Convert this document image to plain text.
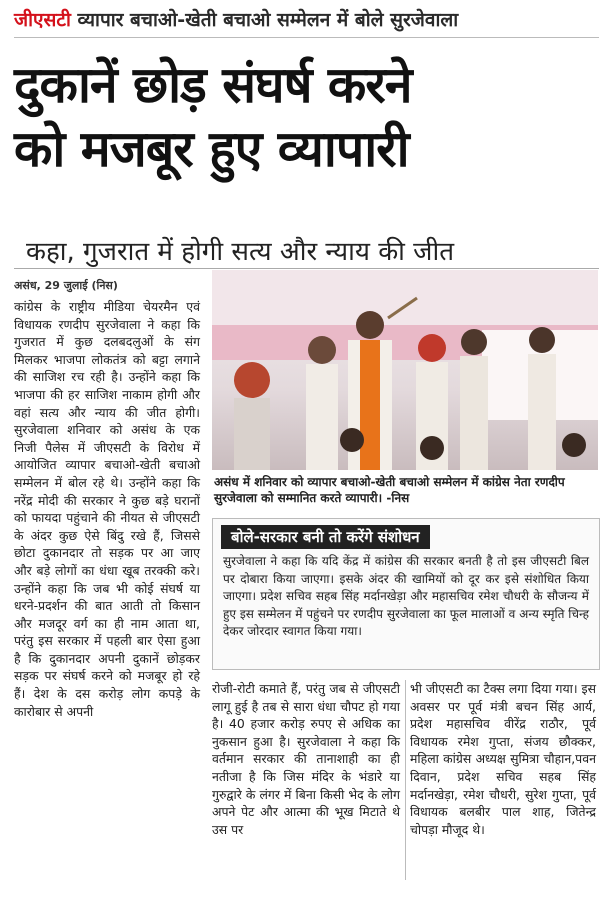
जीएसटी व्यापार बचाओ-खेती बचाओ सम्मेलन में बोले सुरजेवाला
दुकानें छोड़ संघर्ष करने
को मजबूर हुए व्यापारी
कहा, गुजरात में होगी सत्य और न्याय की जीत
असंध, 29 जुलाई (निस)
कांग्रेस के राष्ट्रीय मीडिया चेयरमैन एवं विधायक रणदीप सुरजेवाला ने कहा कि गुजरात में कुछ दलबदलुओं के संग मिलकर भाजपा लोकतंत्र को बट्टा लगाने की साजिश रच रही है। उन्होंने कहा कि भाजपा की हर साजिश नाकाम होगी और वहां सत्य और न्याय की जीत होगी। सुरजेवाला शनिवार को असंध के एक निजी पैलेस में जीएसटी के विरोध में आयोजित व्यापार बचाओ-खेती बचाओ सम्मेलन में बोल रहे थे। उन्होंने कहा कि नरेंद्र मोदी की सरकार ने कुछ बड़े घरानों को फायदा पहुंचाने की नीयत से जीएसटी के अंदर कुछ ऐसे बिंदु रखे हैं, जिससे छोटा दुकानदार तो सड़क पर आ जाए और बड़े लोगों का धंधा खूब तरक्की करे। उन्होंने कहा कि जब भी कोई संघर्ष या धरने-प्रदर्शन की बात आती तो किसान और मजदूर वर्ग का ही नाम आता था, परंतु इस सरकार में पहली बार ऐसा हुआ है कि दुकानदार अपनी दुकानें छोड़कर सड़क पर संघर्ष करने को मजबूर हो रहे हैं। देश के दस करोड़ लोग कपड़े के कारोबार से अपनी
असंध में शनिवार को व्यापार बचाओ-खेती बचाओ सम्मेलन में कांग्रेस नेता रणदीप सुरजेवाला को सम्मानित करते व्यापारी। -निस
बोले-सरकार बनी तो करेंगे संशोधन
सुरजेवाला ने कहा कि यदि केंद्र में कांग्रेस की सरकार बनती है तो इस जीएसटी बिल पर दोबारा किया जाएगा। इसके अंदर की खामियों को दूर कर इसे संशोधित किया जाएगा। प्रदेश सचिव सहब सिंह मर्दानखेड़ा और महासचिव रमेश चौधरी के सौजन्य में हुए इस सम्मेलन में पहुंचने पर रणदीप सुरजेवाला का फूल मालाओं व अन्य स्मृति चिन्ह देकर जोरदार स्वागत किया गया।
रोजी-रोटी कमाते हैं, परंतु जब से जीएसटी लागू हुई है तब से सारा धंधा चौपट हो गया है। 40 हजार करोड़ रुपए से अधिक का नुकसान हुआ है। सुरजेवाला ने कहा कि वर्तमान सरकार की तानाशाही का ही नतीजा है कि जिस मंदिर के भंडारे या गुरुद्वारे के लंगर में बिना किसी भेद के लोग अपने पेट और आत्मा की भूख मिटाते थे उस पर
भी जीएसटी का टैक्स लगा दिया गया। इस अवसर पर पूर्व मंत्री बचन सिंह आर्य, प्रदेश महासचिव वीरेंद्र राठौर, पूर्व विधायक रमेश गुप्ता, संजय छौक्कर, महिला कांग्रेस अध्यक्ष सुमित्रा चौहान,पवन दिवान, प्रदेश सचिव सहब सिंह मर्दानखेड़ा, रमेश चौधरी, सुरेश गुप्ता, पूर्व विधायक बलबीर पाल शाह, जितेन्द्र चोपड़ा मौजूद थे।
